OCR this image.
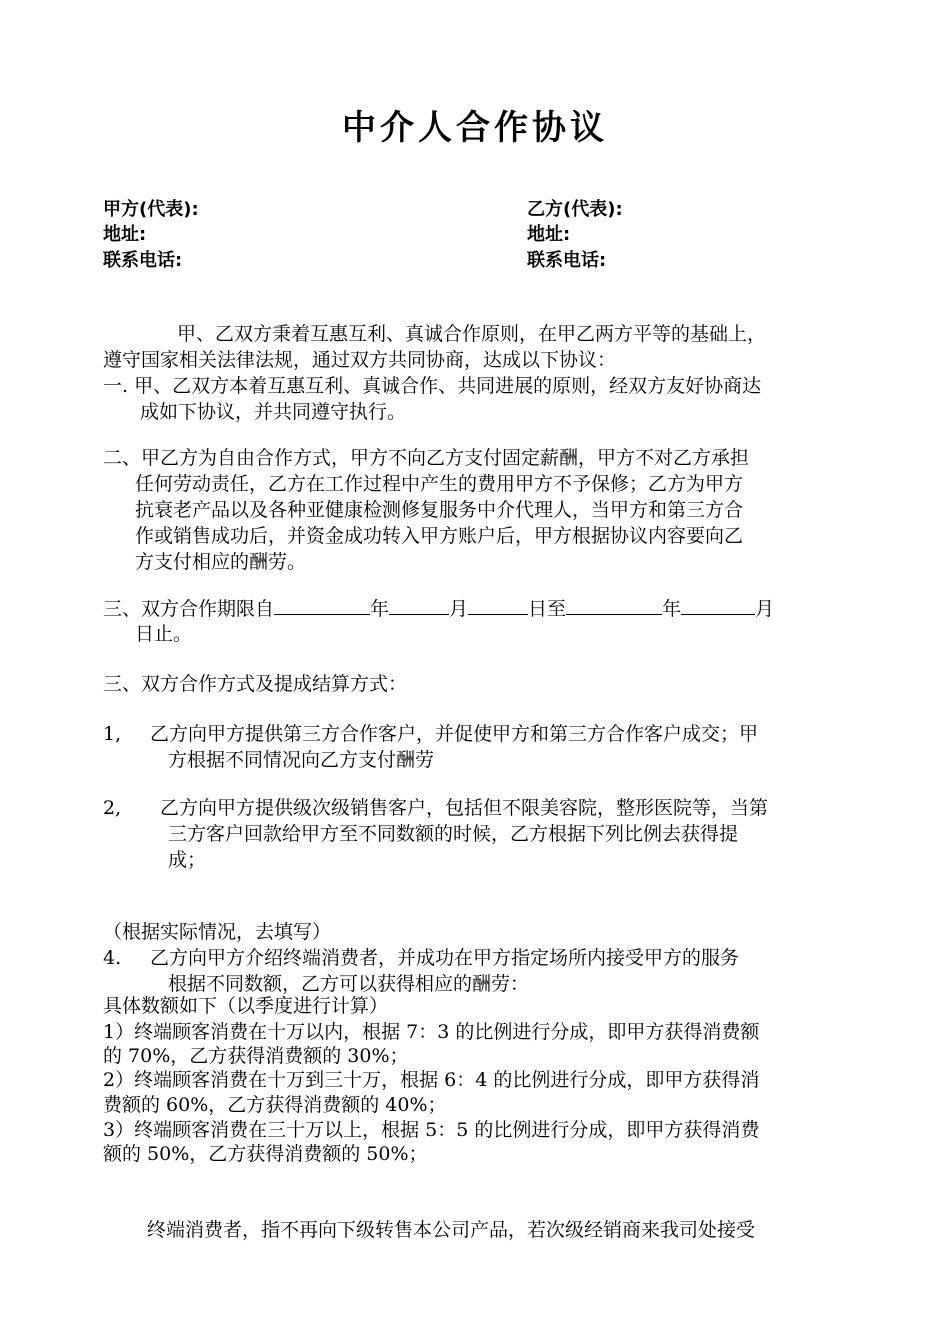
中介人合作协议
甲方(代表):
地址:
联系电话:
乙方(代表):
地址:
联系电话:
甲、乙双方秉着互惠互利、真诚合作原则，在甲乙两方平等的基础上，
遵守国家相关法律法规，通过双方共同协商，达成以下协议：
一. 甲、乙双方本着互惠互利、真诚合作、共同进展的原则，经双方友好协商达
成如下协议，并共同遵守执行。
二、甲乙方为自由合作方式，甲方不向乙方支付固定薪酬，甲方不对乙方承担
任何劳动责任，乙方在工作过程中产生的费用甲方不予保修；乙方为甲方
抗衰老产品以及各种亚健康检测修复服务中介代理人，当甲方和第三方合
作或销售成功后，并资金成功转入甲方账户后，甲方根据协议内容要向乙
方支付相应的酬劳。
三、双方合作期限自	年	月	日至	年	月
日止。
三、双方合作方式及提成结算方式：
1, 乙方向甲方提供第三方合作客户，并促使甲方和第三方合作客户成交；甲
方根据不同情况向乙方支付酬劳
2, 乙方向甲方提供级次级销售客户，包括但不限美容院，整形医院等，当第
三方客户回款给甲方至不同数额的时候，乙方根据下列比例去获得提
成；
（根据实际情况，去填写）
4. 乙方向甲方介绍终端消费者，并成功在甲方指定场所内接受甲方的服务
根据不同数额，乙方可以获得相应的酬劳：
具体数额如下（以季度进行计算）
1）终端顾客消费在十万以内，根据 7：3 的比例进行分成，即甲方获得消费额
的 70%，乙方获得消费额的 30%；
2）终端顾客消费在十万到三十万，根据 6：4 的比例进行分成，即甲方获得消
费额的 60%，乙方获得消费额的 40%；
3）终端顾客消费在三十万以上，根据 5：5 的比例进行分成，即甲方获得消费
额的 50%，乙方获得消费额的 50%；
终端消费者，指不再向下级转售本公司产品，若次级经销商来我司处接受
